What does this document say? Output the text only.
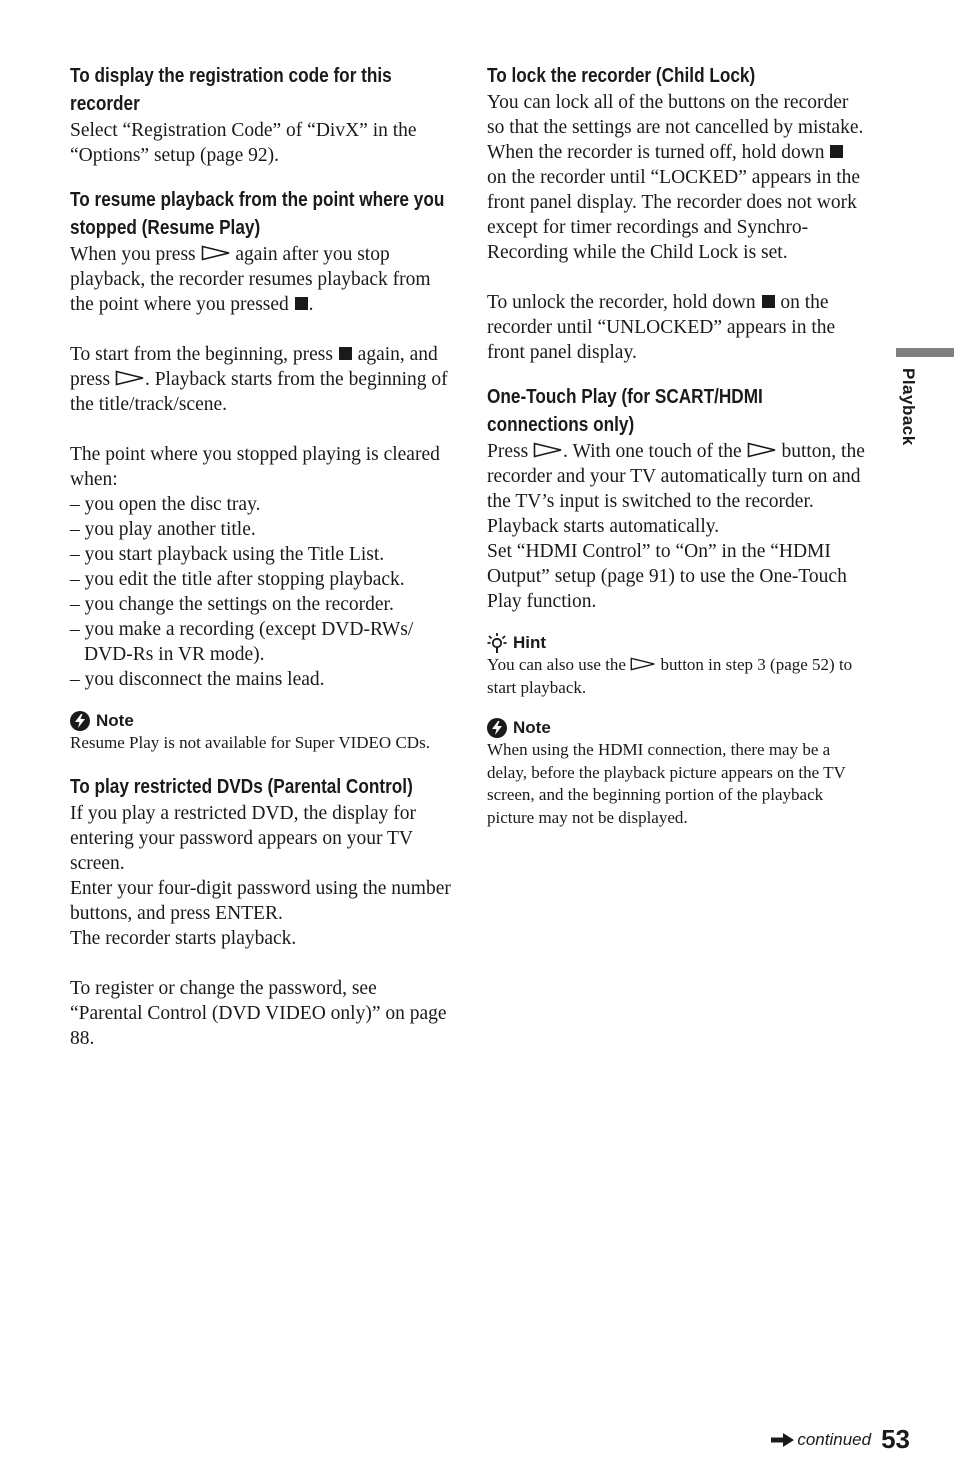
To display the registration code for this recorder
Select “Registration Code” of “DivX” in the “Options” setup (page 92).
To resume playback from the point where you stopped (Resume Play)
When you press again after you stop playback, the recorder resumes playback from the point where you pressed .
To start from the beginning, press again, and press . Playback starts from the beginning of the title/track/scene.
The point where you stopped playing is cleared when:
– you open the disc tray.
– you play another title.
– you start playback using the Title List.
– you edit the title after stopping playback.
– you change the settings on the recorder.
– you make a recording (except DVD-RWs/ DVD-Rs in VR mode).
– you disconnect the mains lead.
Note
Resume Play is not available for Super VIDEO CDs.
To play restricted DVDs (Parental Control)
If you play a restricted DVD, the display for entering your password appears on your TV screen.
Enter your four-digit password using the number buttons, and press ENTER.
The recorder starts playback.
To register or change the password, see “Parental Control (DVD VIDEO only)” on page 88.
To lock the recorder (Child Lock)
You can lock all of the buttons on the recorder so that the settings are not cancelled by mistake.
When the recorder is turned off, hold down  on the recorder until “LOCKED” appears in the front panel display. The recorder does not work except for timer recordings and Synchro-Recording while the Child Lock is set.
To unlock the recorder, hold down on the recorder until “UNLOCKED” appears in the front panel display.
One-Touch Play (for SCART/HDMI connections only)
Press . With one touch of the button, the recorder and your TV automatically turn on and the TV’s input is switched to the recorder. Playback starts automatically.
Set “HDMI Control” to “On” in the “HDMI Output” setup (page 91) to use the One-Touch Play function.
Hint
You can also use the button in step 3 (page 52) to start playback.
Note
When using the HDMI connection, there may be a delay, before the playback picture appears on the TV screen, and the beginning portion of the playback picture may not be displayed.
Playback
continued 53
